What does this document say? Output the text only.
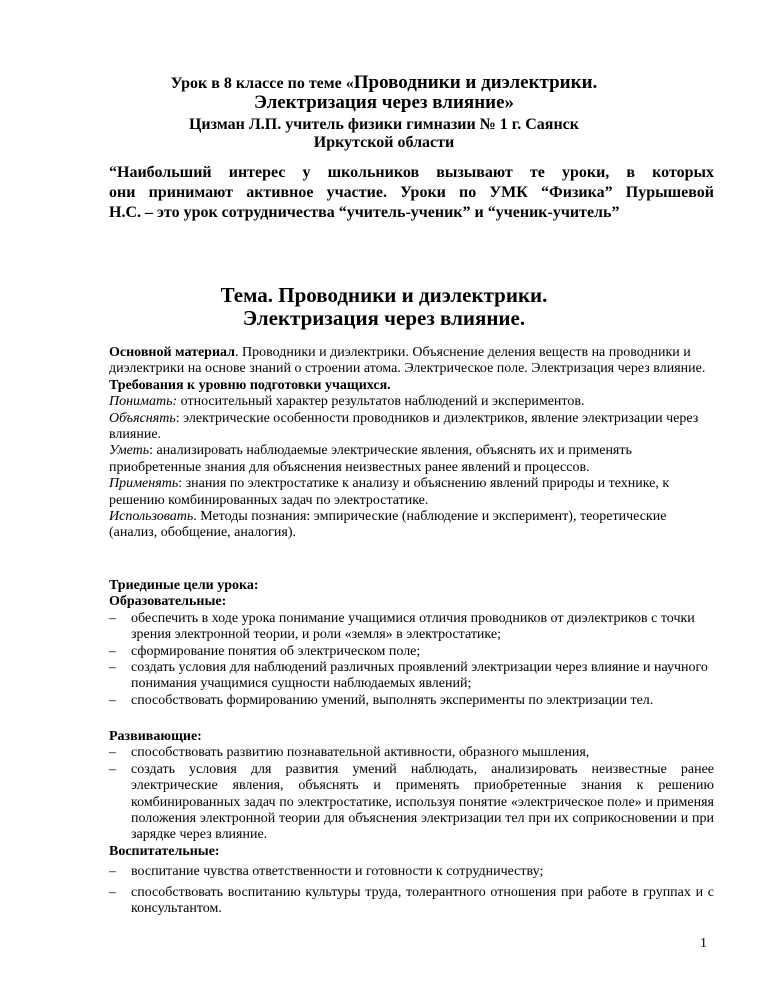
Урок в 8 классе по теме «Проводники и диэлектрики.
Электризация через влияние»
Цизман Л.П. учитель физики гимназии № 1 г. Саянск
Иркутской области
“Наибольший интерес у школьников вызывают те уроки, в которых
они принимают активное участие. Уроки по УМК “Физика” Пурышевой
Н.С. – это урок сотрудничества “учитель-ученик” и “ученик-учитель”
Тема. Проводники и диэлектрики.
Электризация через влияние.

Основной материал. Проводники и диэлектрики. Объяснение деления веществ на проводники и диэлектрики на основе знаний о строении атома. Электрическое поле. Электризация через влияние.

Требования к уровню подготовки учащихся.

Понимать: относительный характер результатов наблюдений и экспериментов.

Объяснять: электрические особенности проводников и диэлектриков, явление электризации через влияние.

Уметь: анализировать наблюдаемые электрические явления, объяснять их и применять приобретенные знания для объяснения неизвестных ранее явлений и процессов.

Применять: знания по электростатике к анализу и объяснению явлений природы и технике, к решению комбинированных задач по электростатике.

Использовать. Методы познания: эмпирические (наблюдение и эксперимент), теоретические (анализ, обобщение, аналогия).

Триединые цели урока:

Образовательные:

– обеспечить в ходе урока понимание учащимися отличия проводников от диэлектриков с точки зрения электронной теории, и роли «земля» в электростатике;
– сформирование понятия об электрическом поле;
– создать условия для наблюдений различных проявлений электризации через влияние и научного понимания учащимися сущности наблюдаемых явлений;
– способствовать формированию умений, выполнять эксперименты по электризации тел.

Развивающие:

– способствовать развитию познавательной активности, образного мышления,
– создать условия для развития умений наблюдать, анализировать неизвестные ранее электрические явления, объяснять и применять приобретенные знания к решению комбинированных задач по электростатике, используя понятие «электрическое поле» и применяя положения электронной теории для объяснения электризации тел при их соприкосновении и при зарядке через влияние.

Воспитательные:

– воспитание чувства ответственности и готовности к сотрудничеству;
– способствовать воспитанию культуры труда, толерантного отношения при работе в группах и с консультантом.
1
